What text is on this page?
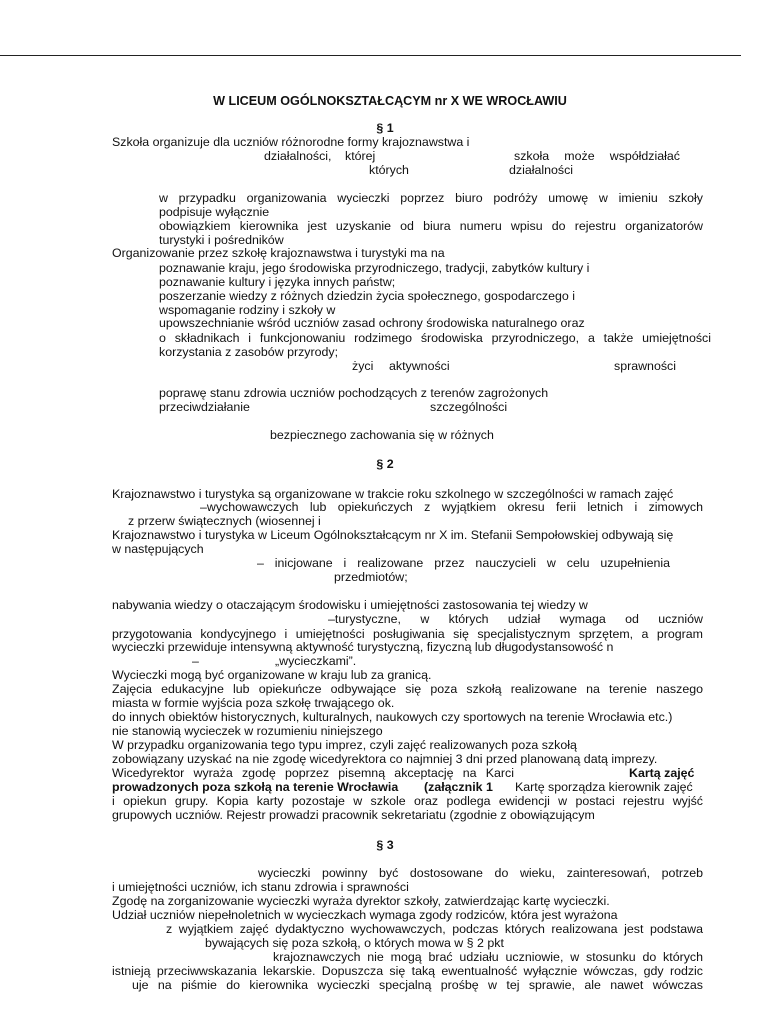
W LICEUM OGÓLNOKSZTAŁCĄCYM nr X WE WROCŁAWIU
§ 1
Szkoła organizuje dla uczniów różnorodne formy krajoznawstwa i
działalności, której	szkoła może współdziałać
których	działalności
w przypadku organizowania wycieczki poprzez biuro podróży umowę w imieniu szkoły
podpisuje wyłącznie
obowiązkiem kierownika jest uzyskanie od biura numeru wpisu do rejestru organizatorów
turystyki i pośredników
Organizowanie przez szkołę krajoznawstwa i turystyki ma na
poznawanie kraju, jego środowiska przyrodniczego, tradycji, zabytków kultury i
poznawanie kultury i języka innych państw;
poszerzanie wiedzy z różnych dziedzin życia społecznego, gospodarczego i
wspomaganie rodziny i szkoły w
upowszechnianie wśród uczniów zasad ochrony środowiska naturalnego oraz
o składnikach i funkcjonowaniu rodzimego środowiska przyrodniczego, a także umiejętności
korzystania z zasobów przyrody;
życi aktywności	sprawności
poprawę stanu zdrowia uczniów pochodzących z terenów zagrożonych
przeciwdziałanie	szczególności
bezpiecznego zachowania się w różnych
§ 2
Krajoznawstwo i turystyka są organizowane w trakcie roku szkolnego w szczególności w ramach zajęć
–wychowawczych lub opiekuńczych z wyjątkiem okresu ferii letnich i zimowych
z przerw świątecznych (wiosennej i
Krajoznawstwo i turystyka w Liceum Ogólnokształcącym nr X im. Stefanii Sempołowskiej odbywają się
w następujących
– inicjowane i realizowane przez nauczycieli w celu uzupełnienia
przedmiotów;
nabywania wiedzy o otaczającym środowisku i umiejętności zastosowania tej wiedzy w
–turystyczne, w których udział wymaga od uczniów
przygotowania kondycyjnego i umiejętności posługiwania się specjalistycznym sprzętem, a program
wycieczki przewiduje intensywną aktywność turystyczną, fizyczną lub długodystansowość n
–	„wycieczkami”.
Wycieczki mogą być organizowane w kraju lub za granicą.
Zajęcia edukacyjne lub opiekuńcze odbywające się poza szkołą realizowane na terenie naszego
miasta w formie wyjścia poza szkołę trwającego ok.
do innych obiektów historycznych, kulturalnych, naukowych czy sportowych na terenie Wrocławia etc.)
nie stanowią wycieczek w rozumieniu niniejszego
W przypadku organizowania tego typu imprez, czyli zajęć realizowanych poza szkołą
zobowiązany uzyskać na nie zgodę wicedyrektora co najmniej 3 dni przed planowaną datą imprezy.
Wicedyrektor wyraża zgodę poprzez pisemną akceptację na Karci	Kartą zajęć
prowadzonych poza szkołą na terenie Wrocławia (załącznik 1 Kartę sporządza kierownik zajęć
i opiekun grupy. Kopia karty pozostaje w szkole oraz podlega ewidencji w postaci rejestru wyjść
grupowych uczniów. Rejestr prowadzi pracownik sekretariatu (zgodnie z obowiązującym
§ 3
wycieczki powinny być dostosowane do wieku, zainteresowań, potrzeb
i umiejętności uczniów, ich stanu zdrowia i sprawności
Zgodę na zorganizowanie wycieczki wyraża dyrektor szkoły, zatwierdzając kartę wycieczki.
Udział uczniów niepełnoletnich w wycieczkach wymaga zgody rodziców, która jest wyrażona
z wyjątkiem zajęć dydaktyczno wychowawczych, podczas których realizowana jest podstawa
bywających się poza szkołą, o których mowa w § 2 pkt
krajoznawczych nie mogą brać udziału uczniowie, w stosunku do których
istnieją przeciwwskazania lekarskie. Dopuszcza się taką ewentualność wyłącznie wówczas, gdy rodzic
uje na piśmie do kierownika wycieczki specjalną prośbę w tej sprawie, ale nawet wówczas
